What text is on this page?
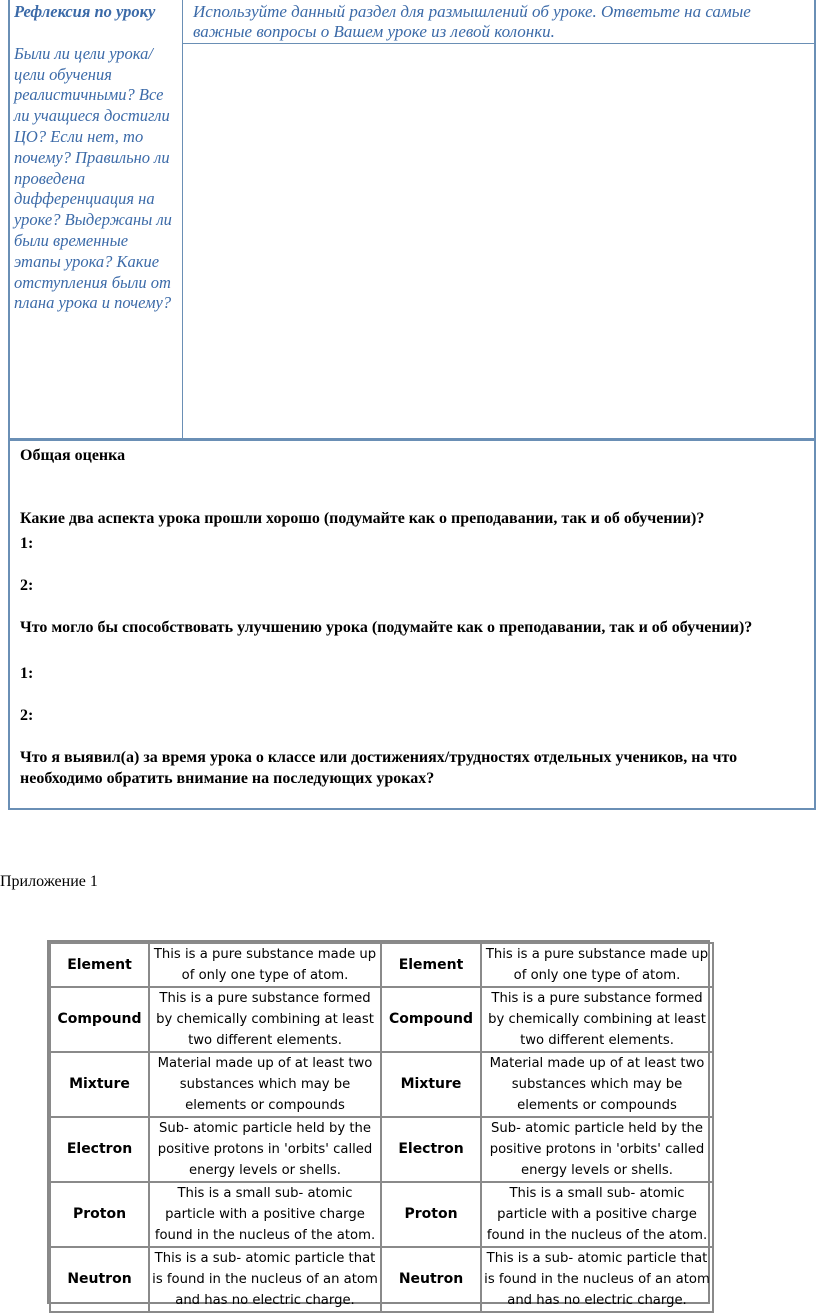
Рефлексия по уроку
Были ли цели урока/цели обучения реалистичными? Все ли учащиеся достигли ЦО? Если нет, то почему? Правильно ли проведена дифференциация на уроке? Выдержаны ли были временные этапы урока? Какие отступления были от плана урока и почему?
Используйте данный раздел для размышлений об уроке. Ответьте на самые важные вопросы о Вашем уроке из левой колонки.
Общая оценка
Какие два аспекта урока прошли хорошо (подумайте как о преподавании, так и об обучении)?
1:
2:
Что могло бы способствовать улучшению урока (подумайте как о преподавании, так и об обучении)?
1:
2:
Что я выявил(а) за время урока о классе или достижениях/трудностях отдельных учеников, на что необходимо обратить внимание на последующих уроках?
Приложение 1
Element	This is a pure substance made up of only one type of atom.	Element	This is a pure substance made up of only one type of atom.
Compound	This is a pure substance formed by chemically combining at least two different elements.	Compound	This is a pure substance formed by chemically combining at least two different elements.
Mixture	Material made up of at least two substances which may be elements or compounds	Mixture	Material made up of at least two substances which may be elements or compounds
Electron	Sub- atomic particle held by the positive protons in 'orbits' called energy levels or shells.	Electron	Sub- atomic particle held by the positive protons in 'orbits' called energy levels or shells.
Proton	This is a small sub- atomic particle with a positive charge found in the nucleus of the atom.	Proton	This is a small sub- atomic particle with a positive charge found in the nucleus of the atom.
Neutron	This is a sub- atomic particle that is found in the nucleus of an atom and has no electric charge.	Neutron	This is a sub- atomic particle that is found in the nucleus of an atom and has no electric charge.
